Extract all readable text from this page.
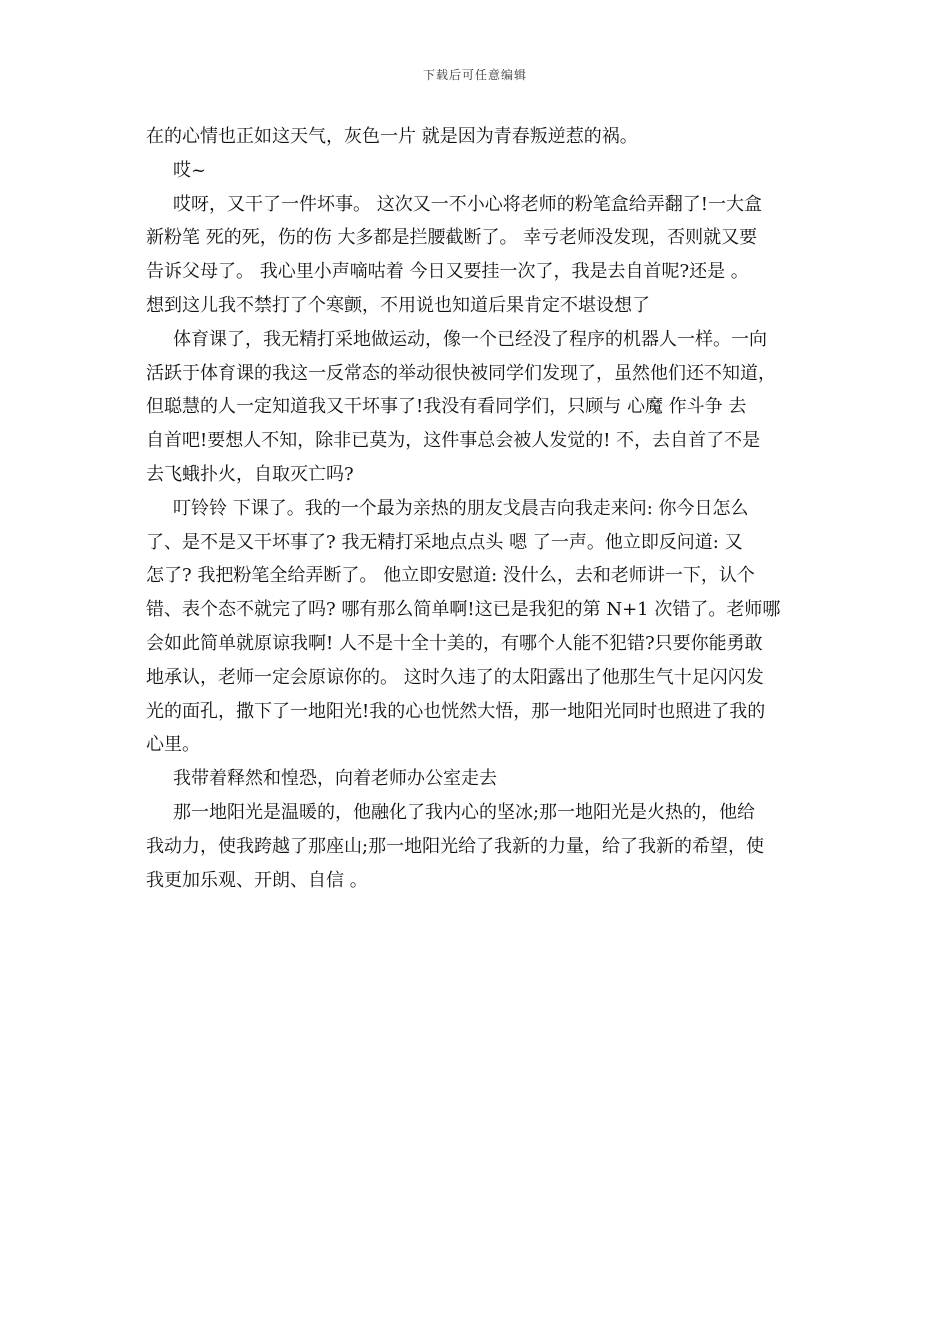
下载后可任意编辑
在的心情也正如这天气，灰色一片 就是因为青春叛逆惹的祸。
哎~
哎呀，又干了一件坏事。 这次又一不小心将老师的粉笔盒给弄翻了!一大盒
新粉笔 死的死，伤的伤 大多都是拦腰截断了。 幸亏老师没发现，否则就又要
告诉父母了。 我心里小声嘀咕着 今日又要挂一次了，我是去自首呢?还是 。
想到这儿我不禁打了个寒颤，不用说也知道后果肯定不堪设想了
体育课了，我无精打采地做运动，像一个已经没了程序的机器人一样。一向
活跃于体育课的我这一反常态的举动很快被同学们发现了，虽然他们还不知道，
但聪慧的人一定知道我又干坏事了!我没有看同学们，只顾与 心魔 作斗争 去
自首吧!要想人不知，除非已莫为，这件事总会被人发觉的! 不，去自首了不是
去飞蛾扑火，自取灭亡吗?
叮铃铃 下课了。我的一个最为亲热的朋友戈晨吉向我走来问: 你今日怎么
了、是不是又干坏事了? 我无精打采地点点头 嗯 了一声。他立即反问道: 又
怎了? 我把粉笔全给弄断了。 他立即安慰道: 没什么，去和老师讲一下，认个
错、表个态不就完了吗? 哪有那么简单啊!这已是我犯的第 N+1 次错了。老师哪
会如此简单就原谅我啊! 人不是十全十美的，有哪个人能不犯错?只要你能勇敢
地承认，老师一定会原谅你的。 这时久违了的太阳露出了他那生气十足闪闪发
光的面孔，撒下了一地阳光!我的心也恍然大悟，那一地阳光同时也照进了我的
心里。
我带着释然和惶恐，向着老师办公室走去
那一地阳光是温暖的，他融化了我内心的坚冰;那一地阳光是火热的，他给
我动力，使我跨越了那座山;那一地阳光给了我新的力量，给了我新的希望，使
我更加乐观、开朗、自信 。
